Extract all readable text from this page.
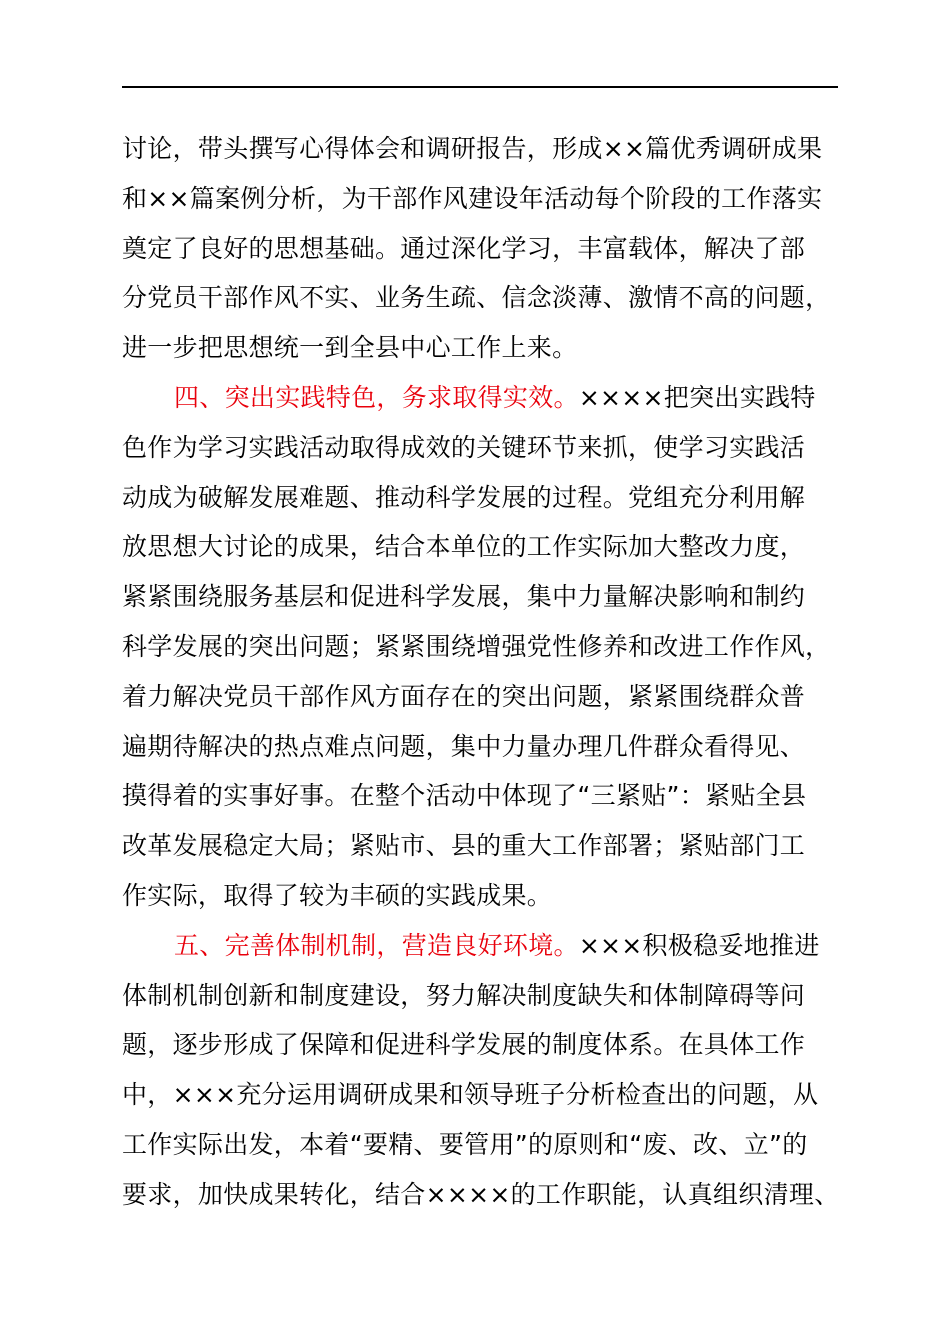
讨论，带头撰写心得体会和调研报告，形成××篇优秀调研成果
和××篇案例分析，为干部作风建设年活动每个阶段的工作落实
奠定了良好的思想基础。通过深化学习，丰富载体，解决了部
分党员干部作风不实、业务生疏、信念淡薄、激情不高的问题，
进一步把思想统一到全县中心工作上来。
四、突出实践特色，务求取得实效。××××把突出实践特
色作为学习实践活动取得成效的关键环节来抓，使学习实践活
动成为破解发展难题、推动科学发展的过程。党组充分利用解
放思想大讨论的成果，结合本单位的工作实际加大整改力度，
紧紧围绕服务基层和促进科学发展，集中力量解决影响和制约
科学发展的突出问题；紧紧围绕增强党性修养和改进工作作风，
着力解决党员干部作风方面存在的突出问题，紧紧围绕群众普
遍期待解决的热点难点问题，集中力量办理几件群众看得见、
摸得着的实事好事。在整个活动中体现了“三紧贴”：紧贴全县
改革发展稳定大局；紧贴市、县的重大工作部署；紧贴部门工
作实际，取得了较为丰硕的实践成果。
五、完善体制机制，营造良好环境。×××积极稳妥地推进
体制机制创新和制度建设，努力解决制度缺失和体制障碍等问
题，逐步形成了保障和促进科学发展的制度体系。在具体工作
中，×××充分运用调研成果和领导班子分析检查出的问题，从
工作实际出发，本着“要精、要管用”的原则和“废、改、立”的
要求，加快成果转化，结合××××的工作职能，认真组织清理、
